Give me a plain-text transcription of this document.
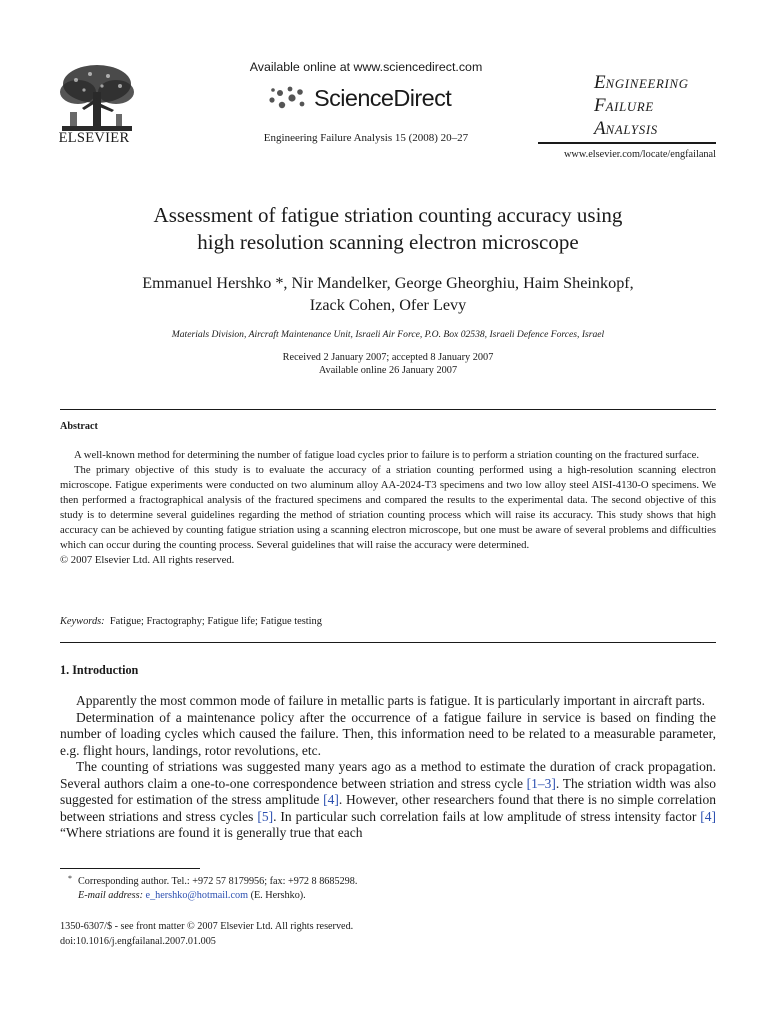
ELSEVIER
Available online at www.sciencedirect.com
ScienceDirect
Engineering Failure Analysis 15 (2008) 20–27
ENGINEERING
FAILURE
ANALYSIS
www.elsevier.com/locate/engfailanal
Assessment of fatigue striation counting accuracy using
high resolution scanning electron microscope
Emmanuel Hershko *, Nir Mandelker, George Gheorghiu, Haim Sheinkopf,
Izack Cohen, Ofer Levy
Materials Division, Aircraft Maintenance Unit, Israeli Air Force, P.O. Box 02538, Israeli Defence Forces, Israel
Received 2 January 2007; accepted 8 January 2007
Available online 26 January 2007
Abstract

A well-known method for determining the number of fatigue load cycles prior to failure is to perform a striation counting on the fractured surface.

The primary objective of this study is to evaluate the accuracy of a striation counting performed using a high-resolution scanning electron microscope. Fatigue experiments were conducted on two aluminum alloy AA-2024-T3 specimens and two low alloy steel AISI-4130-O specimens. We then performed a fractographical analysis of the fractured specimens and compared the results to the experimental data. The second objective of this study is to determine several guidelines regarding the method of striation counting process which will raise its accuracy. This study shows that high accuracy can be achieved by counting fatigue striation using a scanning electron microscope, but one must be aware of several problems and difficulties which can occur during the counting process. Several guidelines that will raise the accuracy were determined.

© 2007 Elsevier Ltd. All rights reserved.

Keywords: Fatigue; Fractography; Fatigue life; Fatigue testing
1. Introduction

Apparently the most common mode of failure in metallic parts is fatigue. It is particularly important in aircraft parts.

Determination of a maintenance policy after the occurrence of a fatigue failure in service is based on finding the number of loading cycles which caused the failure. Then, this information need to be related to a measurable parameter, e.g. flight hours, landings, rotor revolutions, etc.

The counting of striations was suggested many years ago as a method to estimate the duration of crack propagation. Several authors claim a one-to-one correspondence between striation and stress cycle [1–3]. The striation width was also suggested for estimation of the stress amplitude [4]. However, other researchers found that there is no simple correlation between striations and stress cycles [5]. In particular such correlation fails at low amplitude of stress intensity factor [4] “Where striations are found it is generally true that each

* Corresponding author. Tel.: +972 57 8179956; fax: +972 8 8685298.
E-mail address: e_hershko@hotmail.com (E. Hershko).
1350-6307/$ - see front matter © 2007 Elsevier Ltd. All rights reserved.
doi:10.1016/j.engfailanal.2007.01.005
